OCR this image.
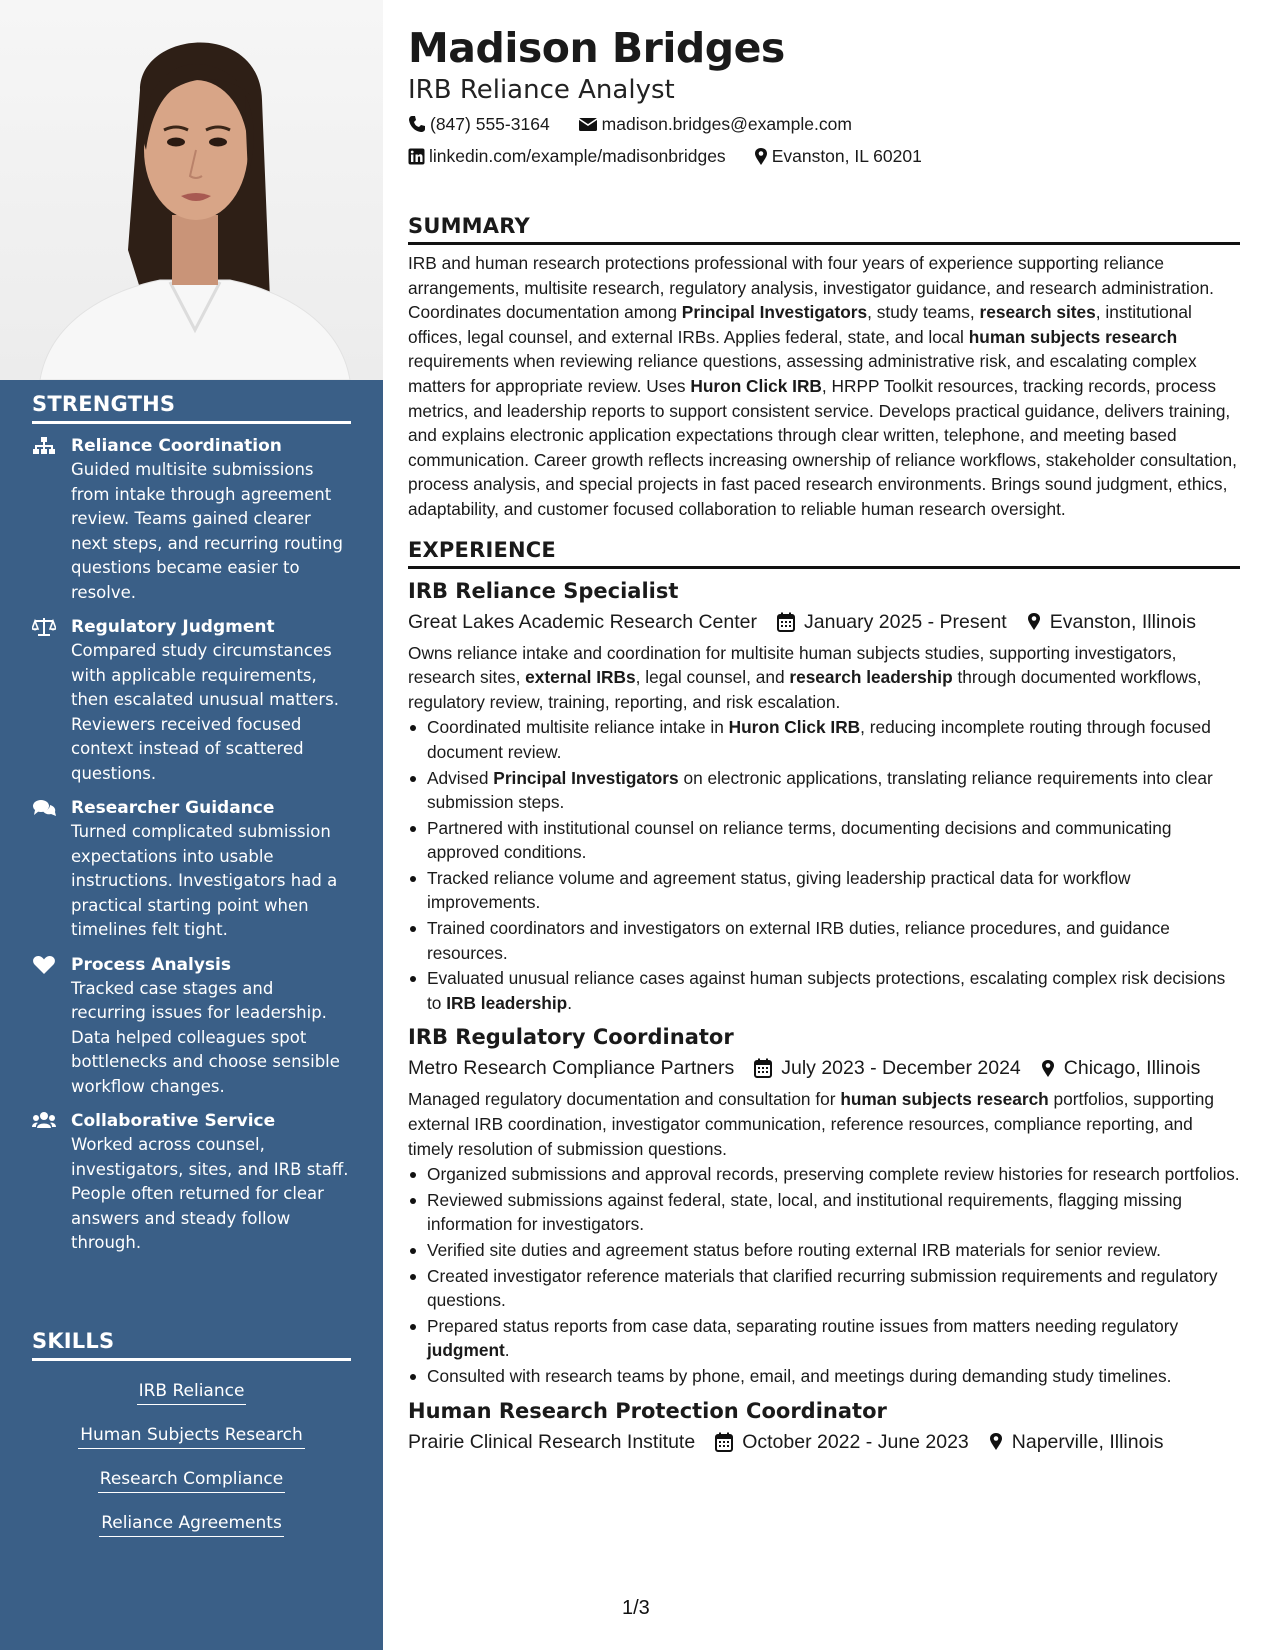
STRENGTHS
Reliance Coordination
Guided multisite submissions from intake through agreement review. Teams gained clearer next steps, and recurring routing questions became easier to resolve.
Regulatory Judgment
Compared study circumstances with applicable requirements, then escalated unusual matters. Reviewers received focused context instead of scattered questions.
Researcher Guidance
Turned complicated submission expectations into usable instructions. Investigators had a practical starting point when timelines felt tight.
Process Analysis
Tracked case stages and recurring issues for leadership. Data helped colleagues spot bottlenecks and choose sensible workflow changes.
Collaborative Service
Worked across counsel, investigators, sites, and IRB staff. People often returned for clear answers and steady follow through.
SKILLS
IRB Reliance
Human Subjects Research
Research Compliance
Reliance Agreements
Madison Bridges
IRB Reliance Analyst
(847) 555-3164	madison.bridges@example.com
linkedin.com/example/madisonbridges	Evanston, IL 60201
SUMMARY

IRB and human research protections professional with four years of experience supporting reliance arrangements, multisite research, regulatory analysis, investigator guidance, and research administration. Coordinates documentation among Principal Investigators, study teams, research sites, institutional offices, legal counsel, and external IRBs. Applies federal, state, and local human subjects research requirements when reviewing reliance questions, assessing administrative risk, and escalating complex matters for appropriate review. Uses Huron Click IRB, HRPP Toolkit resources, tracking records, process metrics, and leadership reports to support consistent service. Develops practical guidance, delivers training, and explains electronic application expectations through clear written, telephone, and meeting based communication. Career growth reflects increasing ownership of reliance workflows, stakeholder consultation, process analysis, and special projects in fast paced research environments. Brings sound judgment, ethics, adaptability, and customer focused collaboration to reliable human research oversight.

EXPERIENCE
IRB Reliance Specialist
Great Lakes Academic Research Center January 2025 - Present Evanston, Illinois

Owns reliance intake and coordination for multisite human subjects studies, supporting investigators, research sites, external IRBs, legal counsel, and research leadership through documented workflows, regulatory review, training, reporting, and risk escalation.

Coordinated multisite reliance intake in Huron Click IRB, reducing incomplete routing through focused document review.
Advised Principal Investigators on electronic applications, translating reliance requirements into clear submission steps.
Partnered with institutional counsel on reliance terms, documenting decisions and communicating approved conditions.
Tracked reliance volume and agreement status, giving leadership practical data for workflow improvements.
Trained coordinators and investigators on external IRB duties, reliance procedures, and guidance resources.
Evaluated unusual reliance cases against human subjects protections, escalating complex risk decisions to IRB leadership.
IRB Regulatory Coordinator
Metro Research Compliance Partners July 2023 - December 2024 Chicago, Illinois

Managed regulatory documentation and consultation for human subjects research portfolios, supporting external IRB coordination, investigator communication, reference resources, compliance reporting, and timely resolution of submission questions.

Organized submissions and approval records, preserving complete review histories for research portfolios.
Reviewed submissions against federal, state, local, and institutional requirements, flagging missing information for investigators.
Verified site duties and agreement status before routing external IRB materials for senior review.
Created investigator reference materials that clarified recurring submission requirements and regulatory questions.
Prepared status reports from case data, separating routine issues from matters needing regulatory judgment.
Consulted with research teams by phone, email, and meetings during demanding study timelines.
Human Research Protection Coordinator
Prairie Clinical Research Institute October 2022 - June 2023 Naperville, Illinois
1/3
